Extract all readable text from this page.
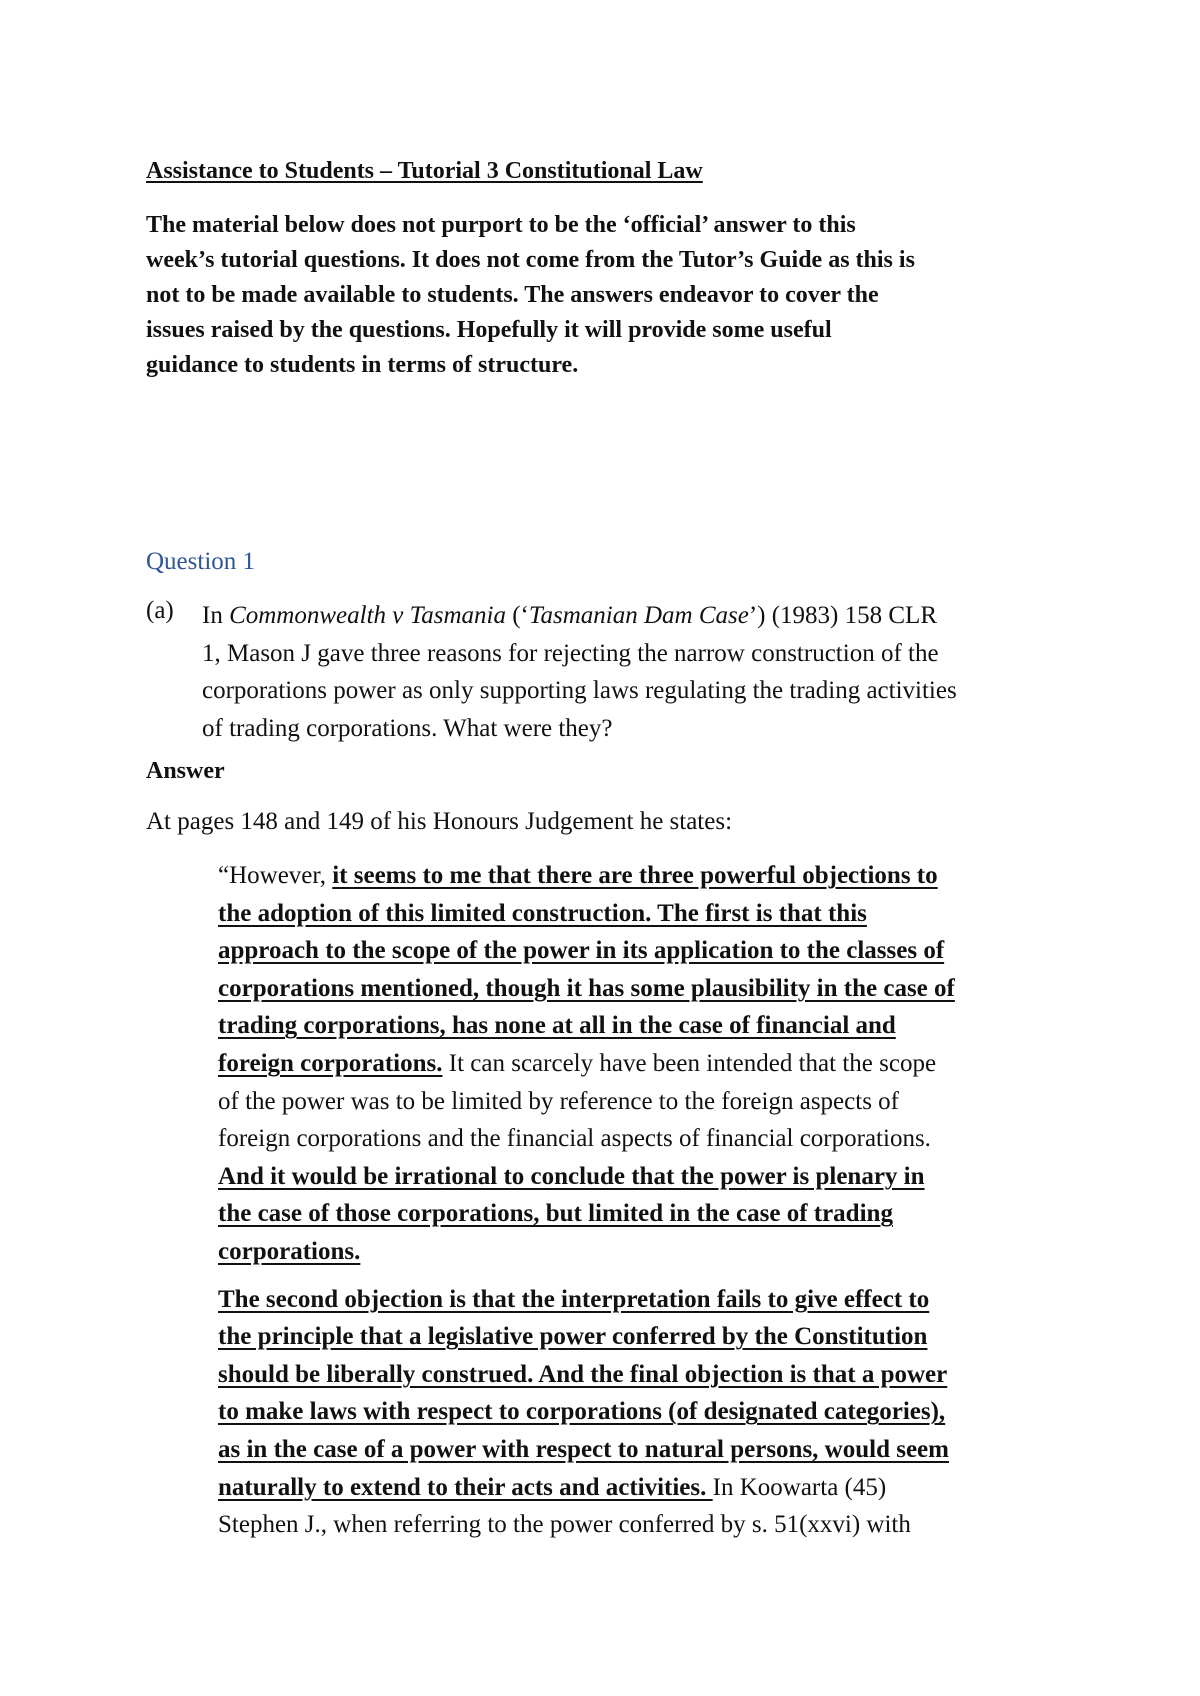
Assistance to Students – Tutorial 3 Constitutional Law
The material below does not purport to be the ‘official’ answer to this
week’s tutorial questions. It does not come from the Tutor’s Guide as this is
not to be made available to students. The answers endeavor to cover the
issues raised by the questions. Hopefully it will provide some useful
guidance to students in terms of structure.
Question 1
(a) In Commonwealth v Tasmania (‘Tasmanian Dam Case’) (1983) 158 CLR
1, Mason J gave three reasons for rejecting the narrow construction of the
corporations power as only supporting laws regulating the trading activities
of trading corporations. What were they?
Answer
At pages 148 and 149 of his Honours Judgement he states:
“However, it seems to me that there are three powerful objections to
the adoption of this limited construction. The first is that this
approach to the scope of the power in its application to the classes of
corporations mentioned, though it has some plausibility in the case of
trading corporations, has none at all in the case of financial and
foreign corporations. It can scarcely have been intended that the scope
of the power was to be limited by reference to the foreign aspects of
foreign corporations and the financial aspects of financial corporations.
And it would be irrational to conclude that the power is plenary in
the case of those corporations, but limited in the case of trading
corporations.
The second objection is that the interpretation fails to give effect to
the principle that a legislative power conferred by the Constitution
should be liberally construed. And the final objection is that a power
to make laws with respect to corporations (of designated categories),
as in the case of a power with respect to natural persons, would seem
naturally to extend to their acts and activities. In Koowarta (45)
Stephen J., when referring to the power conferred by s. 51(xxvi) with
